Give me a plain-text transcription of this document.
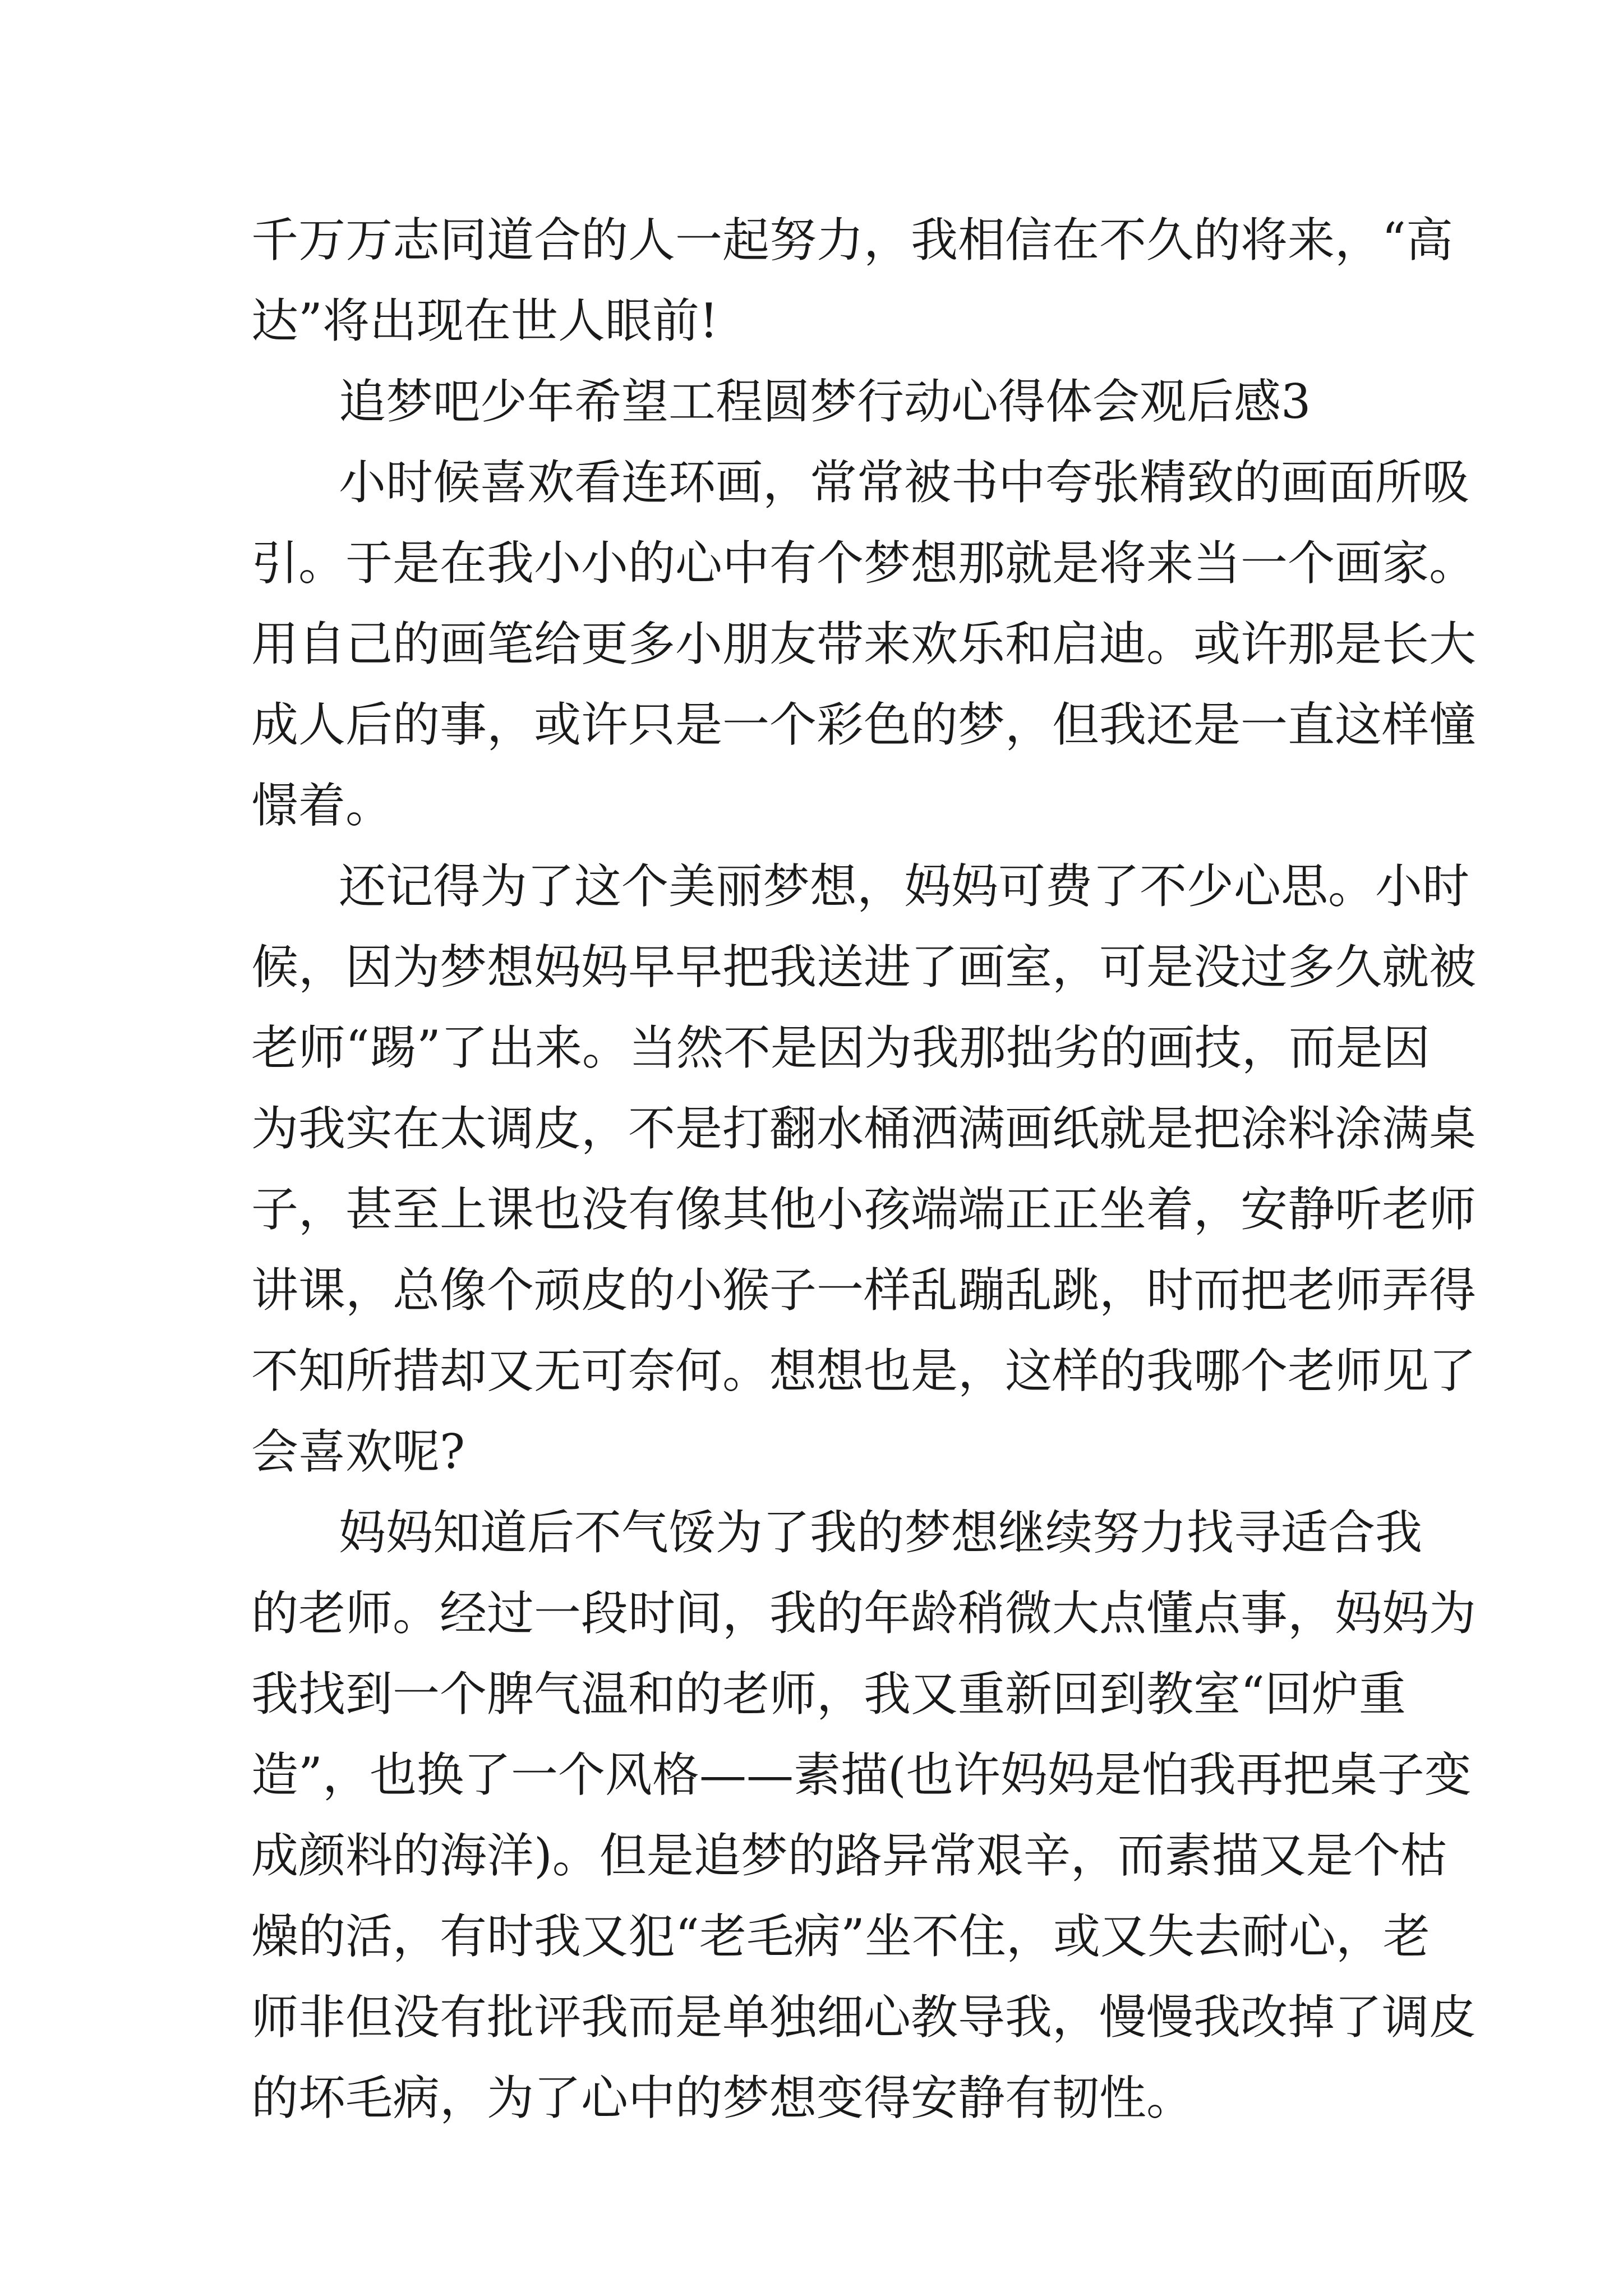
千万万志同道合的人一起努力，我相信在不久的将来，“高

达”将出现在世人眼前!

追梦吧少年希望工程圆梦行动心得体会观后感3

小时候喜欢看连环画，常常被书中夸张精致的画面所吸

引。于是在我小小的心中有个梦想那就是将来当一个画家。

用自己的画笔给更多小朋友带来欢乐和启迪。或许那是长大

成人后的事，或许只是一个彩色的梦，但我还是一直这样憧

憬着。

还记得为了这个美丽梦想，妈妈可费了不少心思。小时

候，因为梦想妈妈早早把我送进了画室，可是没过多久就被

老师“踢”了出来。当然不是因为我那拙劣的画技，而是因

为我实在太调皮，不是打翻水桶洒满画纸就是把涂料涂满桌

子，甚至上课也没有像其他小孩端端正正坐着，安静听老师

讲课，总像个顽皮的小猴子一样乱蹦乱跳，时而把老师弄得

不知所措却又无可奈何。想想也是，这样的我哪个老师见了

会喜欢呢?

妈妈知道后不气馁为了我的梦想继续努力找寻适合我

的老师。经过一段时间，我的年龄稍微大点懂点事，妈妈为

我找到一个脾气温和的老师，我又重新回到教室“回炉重

造”，也换了一个风格——素描(也许妈妈是怕我再把桌子变

成颜料的海洋)。但是追梦的路异常艰辛，而素描又是个枯

燥的活，有时我又犯“老毛病”坐不住，或又失去耐心，老

师非但没有批评我而是单独细心教导我，慢慢我改掉了调皮

的坏毛病，为了心中的梦想变得安静有韧性。
